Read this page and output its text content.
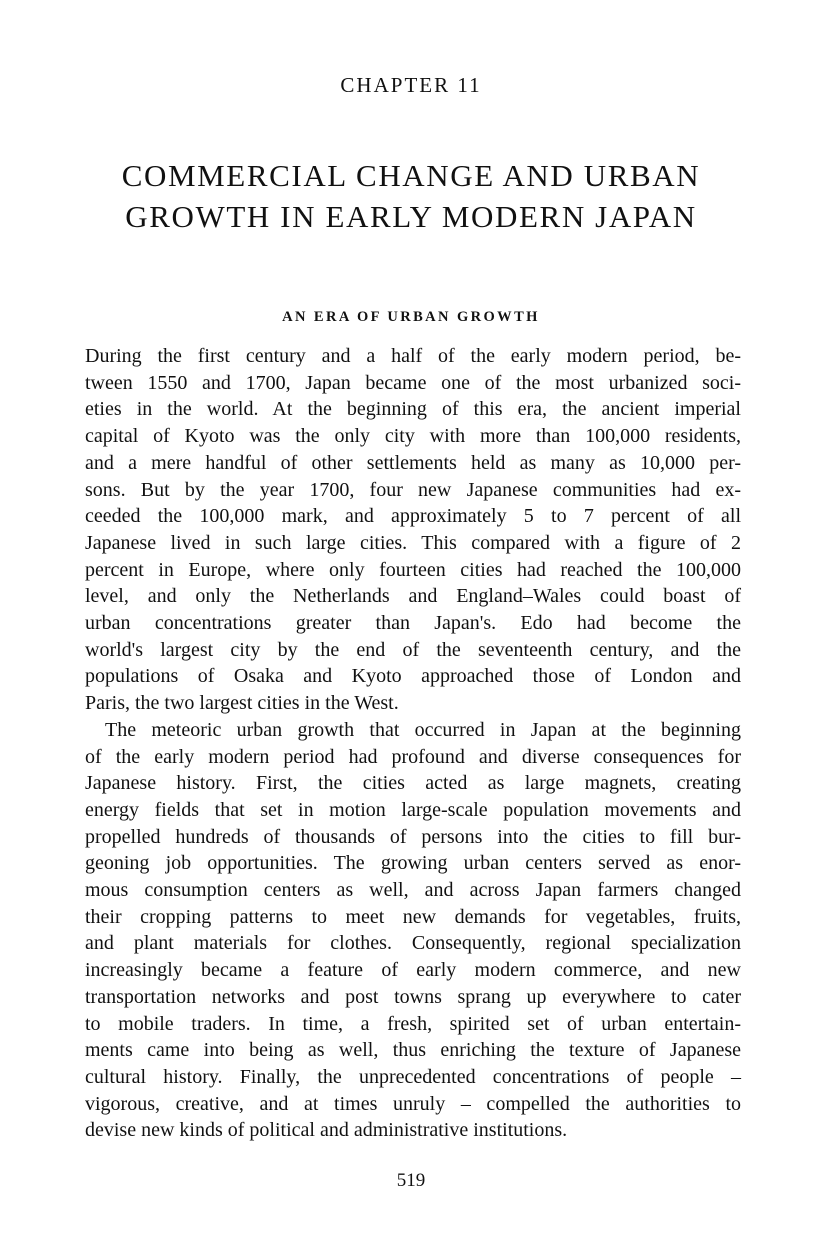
CHAPTER 11
COMMERCIAL CHANGE AND URBAN
GROWTH IN EARLY MODERN JAPAN
AN ERA OF URBAN GROWTH
During the first century and a half of the early modern period, be-
tween 1550 and 1700, Japan became one of the most urbanized soci-
eties in the world. At the beginning of this era, the ancient imperial
capital of Kyoto was the only city with more than 100,000 residents,
and a mere handful of other settlements held as many as 10,000 per-
sons. But by the year 1700, four new Japanese communities had ex-
ceeded the 100,000 mark, and approximately 5 to 7 percent of all
Japanese lived in such large cities. This compared with a figure of 2
percent in Europe, where only fourteen cities had reached the 100,000
level, and only the Netherlands and England–Wales could boast of
urban concentrations greater than Japan's. Edo had become the
world's largest city by the end of the seventeenth century, and the
populations of Osaka and Kyoto approached those of London and
Paris, the two largest cities in the West.
The meteoric urban growth that occurred in Japan at the beginning
of the early modern period had profound and diverse consequences for
Japanese history. First, the cities acted as large magnets, creating
energy fields that set in motion large-scale population movements and
propelled hundreds of thousands of persons into the cities to fill bur-
geoning job opportunities. The growing urban centers served as enor-
mous consumption centers as well, and across Japan farmers changed
their cropping patterns to meet new demands for vegetables, fruits,
and plant materials for clothes. Consequently, regional specialization
increasingly became a feature of early modern commerce, and new
transportation networks and post towns sprang up everywhere to cater
to mobile traders. In time, a fresh, spirited set of urban entertain-
ments came into being as well, thus enriching the texture of Japanese
cultural history. Finally, the unprecedented concentrations of people –
vigorous, creative, and at times unruly – compelled the authorities to
devise new kinds of political and administrative institutions.
519
